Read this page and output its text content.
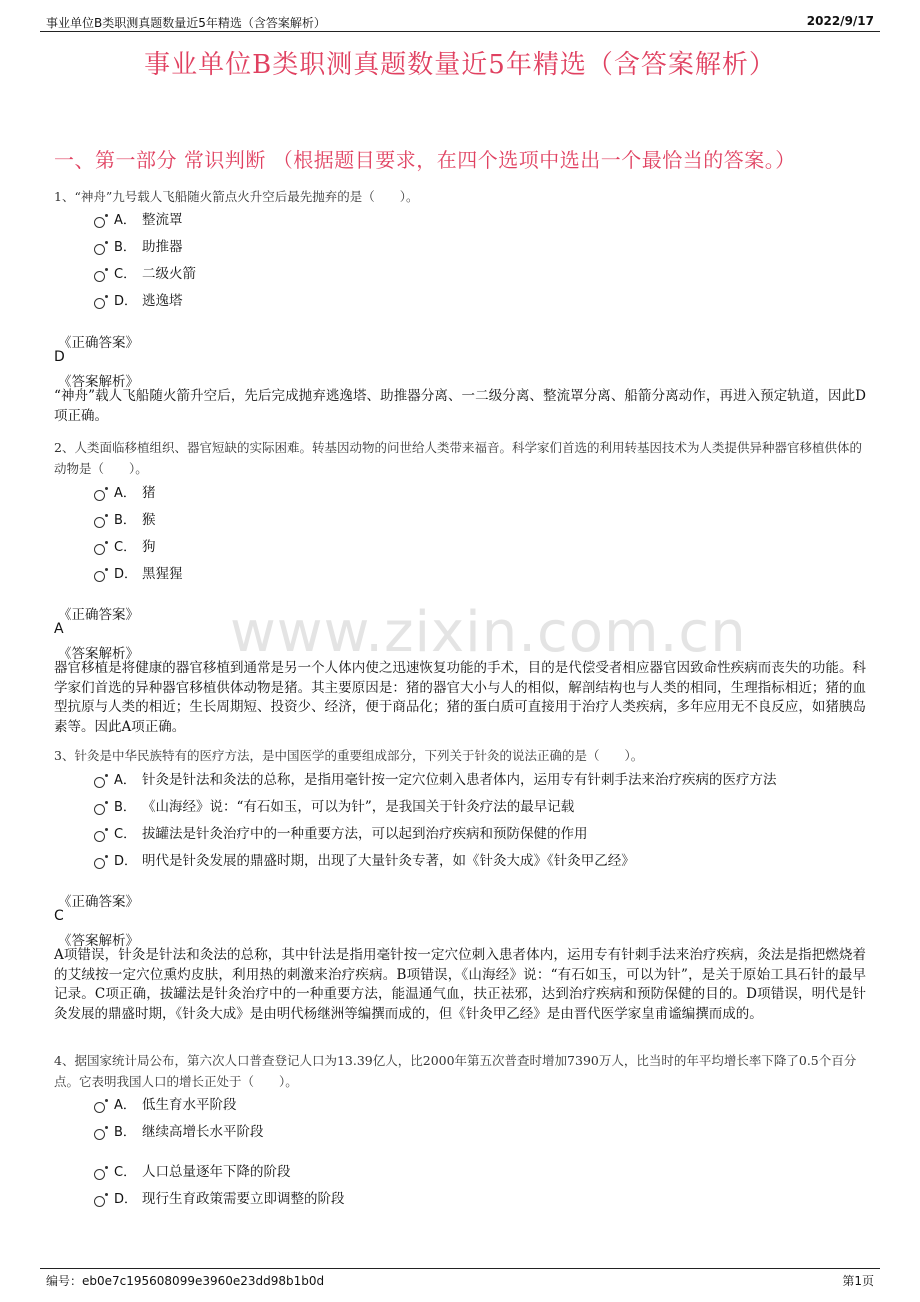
事业单位B类职测真题数量近5年精选（含答案解析）	2022/9/17
事业单位B类职测真题数量近5年精选（含答案解析）
一、第一部分 常识判断 （根据题目要求，在四个选项中选出一个最恰当的答案。）
www.zixin.com.cn
1、“神舟”九号载人飞船随火箭点火升空后最先抛弃的是（　　）。
A． 整流罩
B． 助推器
C． 二级火箭
D． 逃逸塔
《正确答案》
D
《答案解析》
“神舟”载人飞船随火箭升空后，先后完成抛弃逃逸塔、助推器分离、一二级分离、整流罩分离、船箭分离动作，再进入预定轨道，因此D项正确。
2、人类面临移植组织、器官短缺的实际困难。转基因动物的问世给人类带来福音。科学家们首选的利用转基因技术为人类提供异种器官移植供体的动物是（　　）。
A． 猪
B． 猴
C． 狗
D． 黑猩猩
《正确答案》
A
《答案解析》
器官移植是将健康的器官移植到通常是另一个人体内使之迅速恢复功能的手术，目的是代偿受者相应器官因致命性疾病而丧失的功能。科学家们首选的异种器官移植供体动物是猪。其主要原因是：猪的器官大小与人的相似，解剖结构也与人类的相同，生理指标相近；猪的血型抗原与人类的相近；生长周期短、投资少、经济，便于商品化；猪的蛋白质可直接用于治疗人类疾病，多年应用无不良反应，如猪胰岛素等。因此A项正确。
3、针灸是中华民族特有的医疗方法，是中国医学的重要组成部分，下列关于针灸的说法正确的是（　　）。
A． 针灸是针法和灸法的总称，是指用毫针按一定穴位刺入患者体内，运用专有针刺手法来治疗疾病的医疗方法
B． 《山海经》说：“有石如玉，可以为针”，是我国关于针灸疗法的最早记载
C． 拔罐法是针灸治疗中的一种重要方法，可以起到治疗疾病和预防保健的作用
D． 明代是针灸发展的鼎盛时期，出现了大量针灸专著，如《针灸大成》《针灸甲乙经》
《正确答案》
C
《答案解析》
A项错误，针灸是针法和灸法的总称，其中针法是指用毫针按一定穴位刺入患者体内，运用专有针刺手法来治疗疾病，灸法是指把燃烧着的艾绒按一定穴位熏灼皮肤，利用热的刺激来治疗疾病。B项错误，《山海经》说：“有石如玉，可以为针”，是关于原始工具石针的最早记录。C项正确，拔罐法是针灸治疗中的一种重要方法，能温通气血，扶正祛邪，达到治疗疾病和预防保健的目的。D项错误，明代是针灸发展的鼎盛时期，《针灸大成》是由明代杨继洲等编撰而成的，但《针灸甲乙经》是由晋代医学家皇甫谧编撰而成的。
4、据国家统计局公布，第六次人口普查登记人口为13.39亿人，比2000年第五次普查时增加7390万人，比当时的年平均增长率下降了0.5个百分点。它表明我国人口的增长正处于（　　）。
A． 低生育水平阶段
B． 继续高增长水平阶段
C． 人口总量逐年下降的阶段
D． 现行生育政策需要立即调整的阶段
编号：eb0e7c195608099e3960e23dd98b1b0d	第1页
